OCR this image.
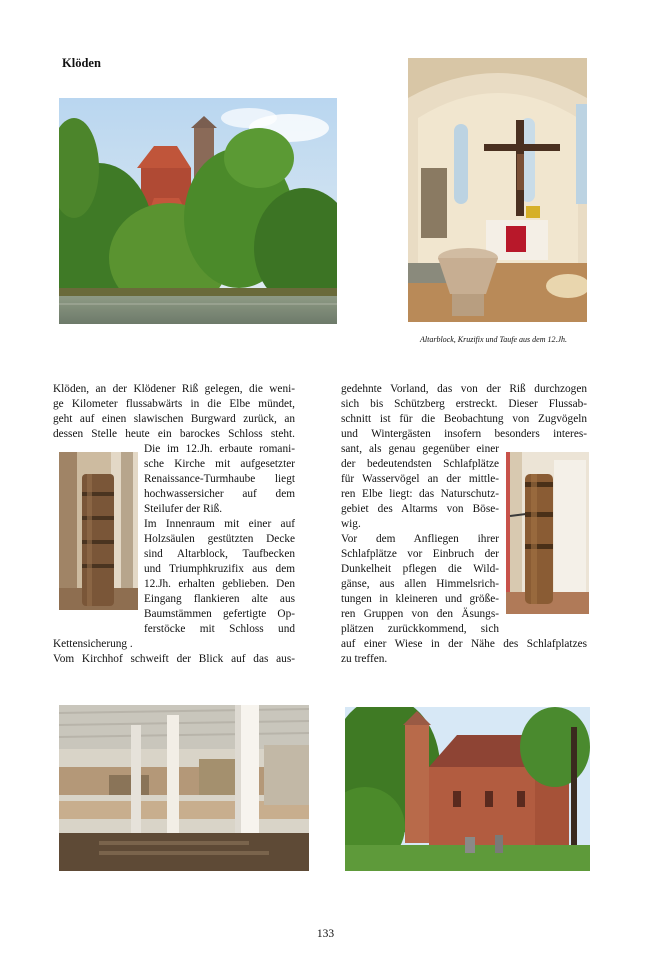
Klöden
Altarblock, Kruzifix und Taufe aus dem 12.Jh.
Klöden, an der Klödener Riß gelegen, die weni-
ge Kilometer flussabwärts in die Elbe mündet,
geht auf einen slawischen Burgward zurück, an
dessen Stelle heute ein barockes Schloss steht.
Die im 12.Jh. erbaute romani-
sche Kirche mit aufgesetzter
Renaissance-Turmhaube liegt
hochwassersicher auf dem
Steilufer der Riß.
Im Innenraum mit einer auf
Holzsäulen gestützten Decke
sind Altarblock, Taufbecken
und Triumphkruzifix aus dem
12.Jh. erhalten geblieben. Den
Eingang flankieren alte aus
Baumstämmen gefertigte Op-
ferstöcke mit Schloss und
Kettensicherung .
Vom Kirchhof schweift der Blick auf das aus-
gedehnte Vorland, das von der Riß durchzogen
sich bis Schützberg erstreckt. Dieser Flussab-
schnitt ist für die Beobachtung von Zugvögeln
und Wintergästen insofern besonders interes-
sant, als genau gegenüber einer
der bedeutendsten Schlafplätze
für Wasservögel an der mittle-
ren Elbe liegt: das Naturschutz-
gebiet des Altarms von Böse-
wig.
Vor dem Anfliegen ihrer
Schlafplätze vor Einbruch der
Dunkelheit pflegen die Wild-
gänse, aus allen Himmelsrich-
tungen in kleineren und größe-
ren Gruppen von den Äsungs-
plätzen zurückkommend, sich
auf einer Wiese in der Nähe des Schlafplatzes
zu treffen.
133
